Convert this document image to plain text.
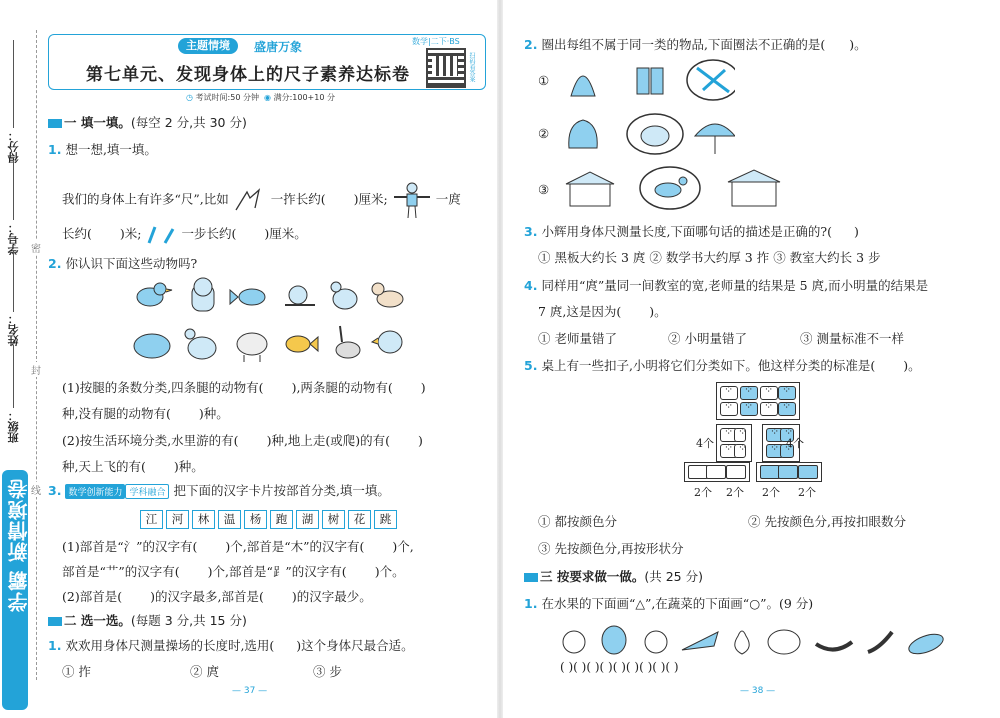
得分：
学号：
姓名：
班级：
密
封
线
学霸 新情境卷
主题情境	盛唐万象	数学|二下·BS
扫码看答案
第七单元、发现身体上的尺子素养达标卷
◷ 考试时间:50 分钟 ◉ 满分:100+10 分
一 填一填。(每空 2 分,共 30 分)
1. 想一想,填一填。
我们的身体上有许多“尺”,比如	一拃长约( )厘米;	一庹
长约( )米;	一步长约( )厘米。
2. 你认识下面这些动物吗?
(1)按腿的条数分类,四条腿的动物有( ),两条腿的动物有( )
种,没有腿的动物有( )种。
(2)按生活环境分类,水里游的有( )种,地上走(或爬)的有( )
种,天上飞的有( )种。
3. 数学创新能力 学科融合 把下面的汉字卡片按部首分类,填一填。
江 河 林 温 杨 跑 湖 树 花 跳
(1)部首是“氵”的汉字有( )个,部首是“木”的汉字有( )个,
部首是“艹”的汉字有( )个,部首是“⻊”的汉字有( )个。
(2)部首是( )的汉字最多,部首是( )的汉字最少。
二 选一选。(每题 3 分,共 15 分)
1. 欢欢用身体尺测量操场的长度时,选用( )这个身体尺最合适。
① 拃	② 庹	③ 步
— 37 —
2. 圈出每组不属于同一类的物品,下面圈法不正确的是( )。
①
②
③
3. 小辉用身体尺测量长度,下面哪句话的描述是正确的?( )
① 黑板大约长 3 庹 ② 数学书大约厚 3 拃 ③ 教室大约长 3 步
4. 同样用“庹”量同一间教室的宽,老师量的结果是 5 庹,而小明量的结果是
7 庹,这是因为( )。
① 老师量错了	② 小明量错了	③ 测量标准不一样
5. 桌上有一些扣子,小明将它们分类如下。他这样分类的标准是( )。
⁘
⁘
⁘
⁘
⁘
⁘
⁘
⁘
⁘
⁘
⁘
⁘
4个
⁘
⁘
⁘
⁘	4个
2个 2个 2个 2个
① 都按颜色分	② 先按颜色分,再按扣眼数分
③ 先按颜色分,再按形状分
三 按要求做一做。(共 25 分)
1. 在水果的下面画“△”,在蔬菜的下面画“○”。(9 分)
( )( )( )( )( )( )( )( )( )
— 38 —
